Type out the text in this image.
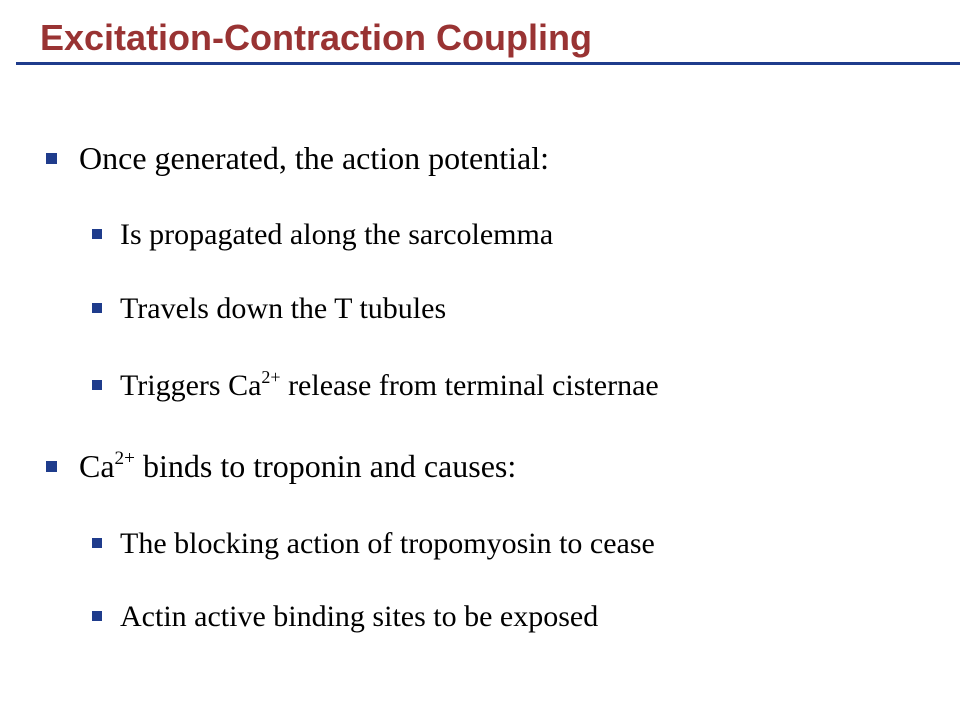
Excitation-Contraction Coupling
Once generated, the action potential:
Is propagated along the sarcolemma
Travels down the T tubules
Triggers $Ca^{2+}$ release from terminal cisternae
$Ca^{2+}$ binds to troponin and causes:
The blocking action of tropomyosin to cease
Actin active binding sites to be exposed
